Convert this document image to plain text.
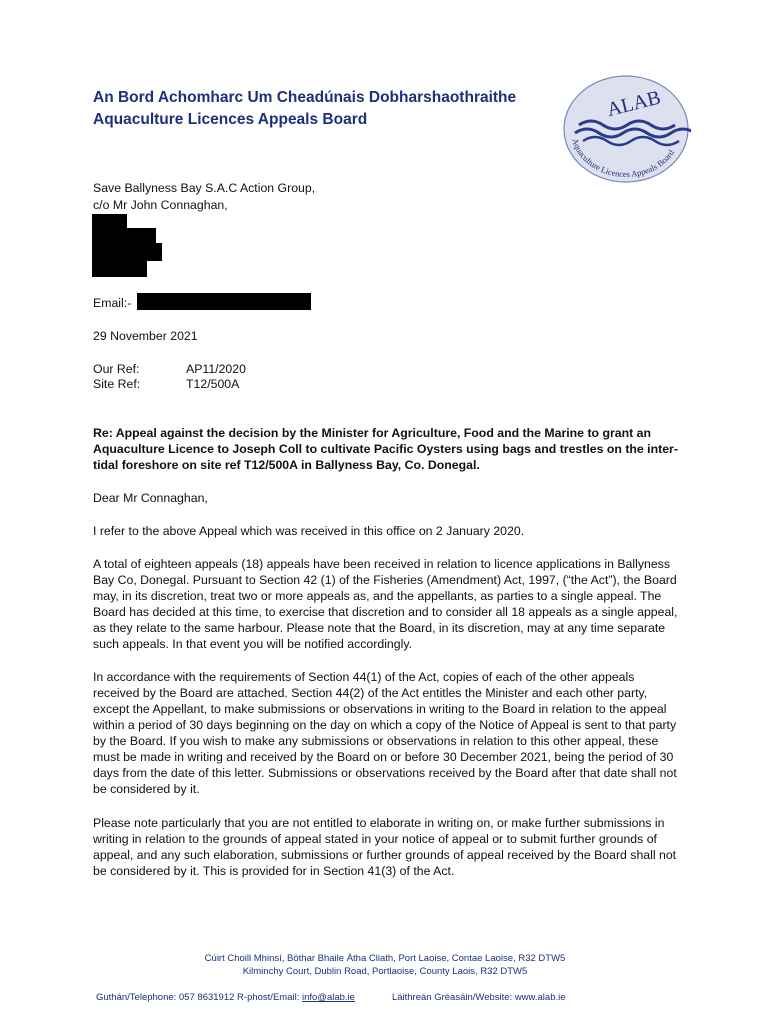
An Bord Achomharc Um Cheadúnais Dobharshaothraithe
Aquaculture Licences Appeals Board	ALAB
Aquaculture Licences Appeals Board
Save Ballyness Bay S.A.C Action Group,
c/o Mr John Connaghan,
Email:-
29 November 2021
Our Ref:	AP11/2020
Site Ref:	T12/500A
Re: Appeal against the decision by the Minister for Agriculture, Food and the Marine to grant an Aquaculture Licence to Joseph Coll to cultivate Pacific Oysters using bags and trestles on the inter-tidal foreshore on site ref T12/500A in Ballyness Bay, Co. Donegal.
Dear Mr Connaghan,
I refer to the above Appeal which was received in this office on 2 January 2020.
A total of eighteen appeals (18) appeals have been received in relation to licence applications in Ballyness Bay Co, Donegal. Pursuant to Section 42 (1) of the Fisheries (Amendment) Act, 1997, (“the Act”), the Board may, in its discretion, treat two or more appeals as, and the appellants, as parties to a single appeal. The Board has decided at this time, to exercise that discretion and to consider all 18 appeals as a single appeal, as they relate to the same harbour. Please note that the Board, in its discretion, may at any time separate such appeals. In that event you will be notified accordingly.
In accordance with the requirements of Section 44(1) of the Act, copies of each of the other appeals received by the Board are attached. Section 44(2) of the Act entitles the Minister and each other party, except the Appellant, to make submissions or observations in writing to the Board in relation to the appeal within a period of 30 days beginning on the day on which a copy of the Notice of Appeal is sent to that party by the Board. If you wish to make any submissions or observations in relation to this other appeal, these must be made in writing and received by the Board on or before 30 December 2021, being the period of 30 days from the date of this letter. Submissions or observations received by the Board after that date shall not be considered by it.
Please note particularly that you are not entitled to elaborate in writing on, or make further submissions in writing in relation to the grounds of appeal stated in your notice of appeal or to submit further grounds of appeal, and any such elaboration, submissions or further grounds of appeal received by the Board shall not be considered by it. This is provided for in Section 41(3) of the Act.
Cúirt Choill Mhinsí, Bóthar Bhaile Átha Cliath, Port Laoise, Contae Laoise, R32 DTW5
Kilminchy Court, Dublin Road, Portlaoise, County Laois, R32 DTW5
Guthán/Telephone: 057 8631912 R-phost/Email: info@alab.ie	Láithreán Gréasáin/Website: www.alab.ie
